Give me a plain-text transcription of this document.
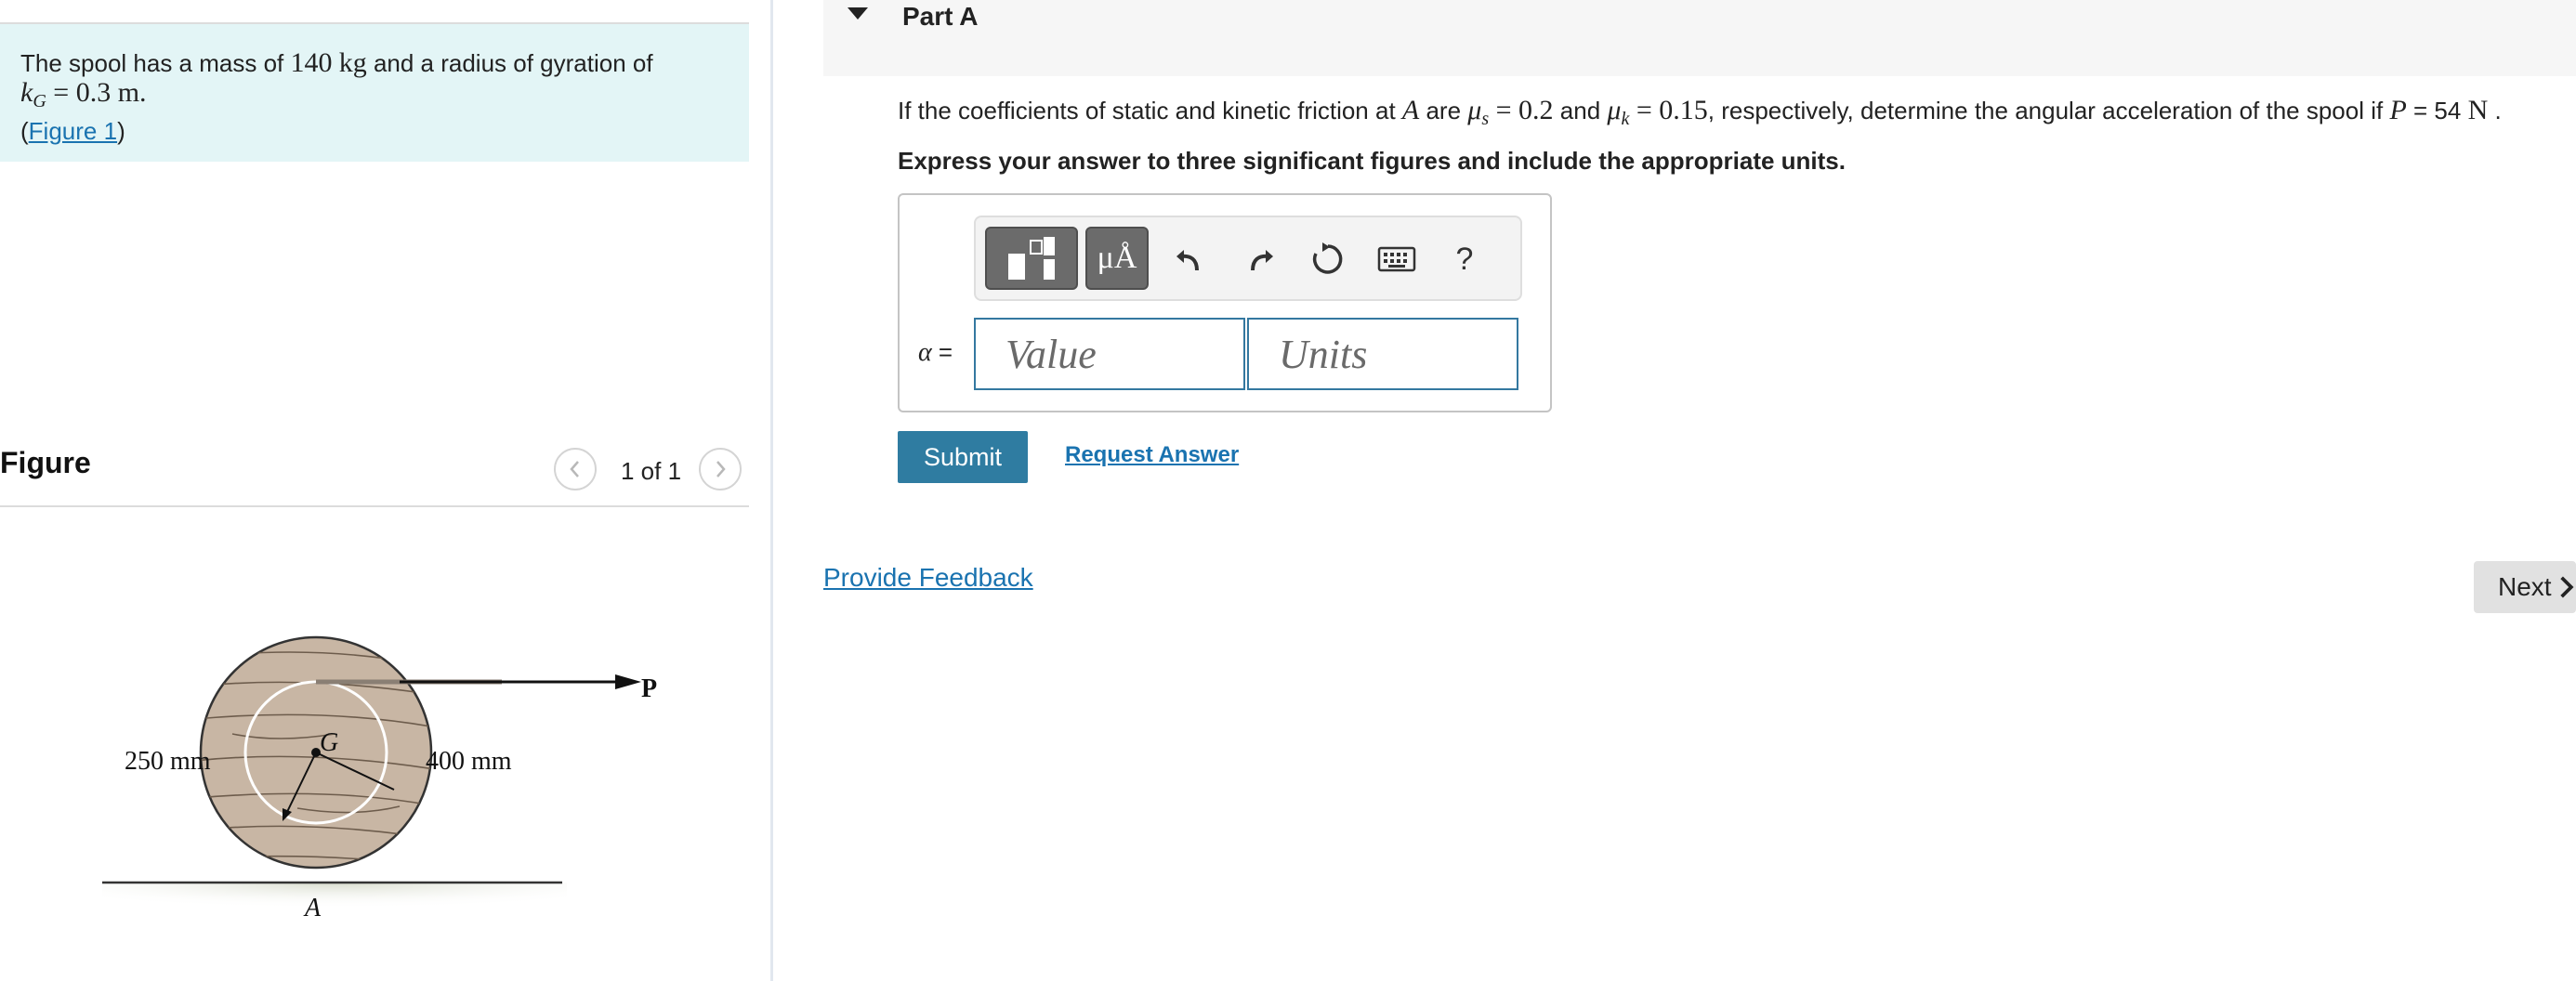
The spool has a mass of 140 kg and a radius of gyration of
$k_G = 0.3$ m.
(Figure 1)
Figure	1 of 1
P
250 mm	400 mm
G
A
Part A
If the coefficients of static and kinetic friction at A are $\mu_s = 0.2$ and $\mu_k = 0.15$, respectively, determine the angular acceleration of the spool if P = 54 N .
Express your answer to three significant figures and include the appropriate units.
μÅ	?
α =
Value
Units
Submit	Request Answer
Provide Feedback	Next
